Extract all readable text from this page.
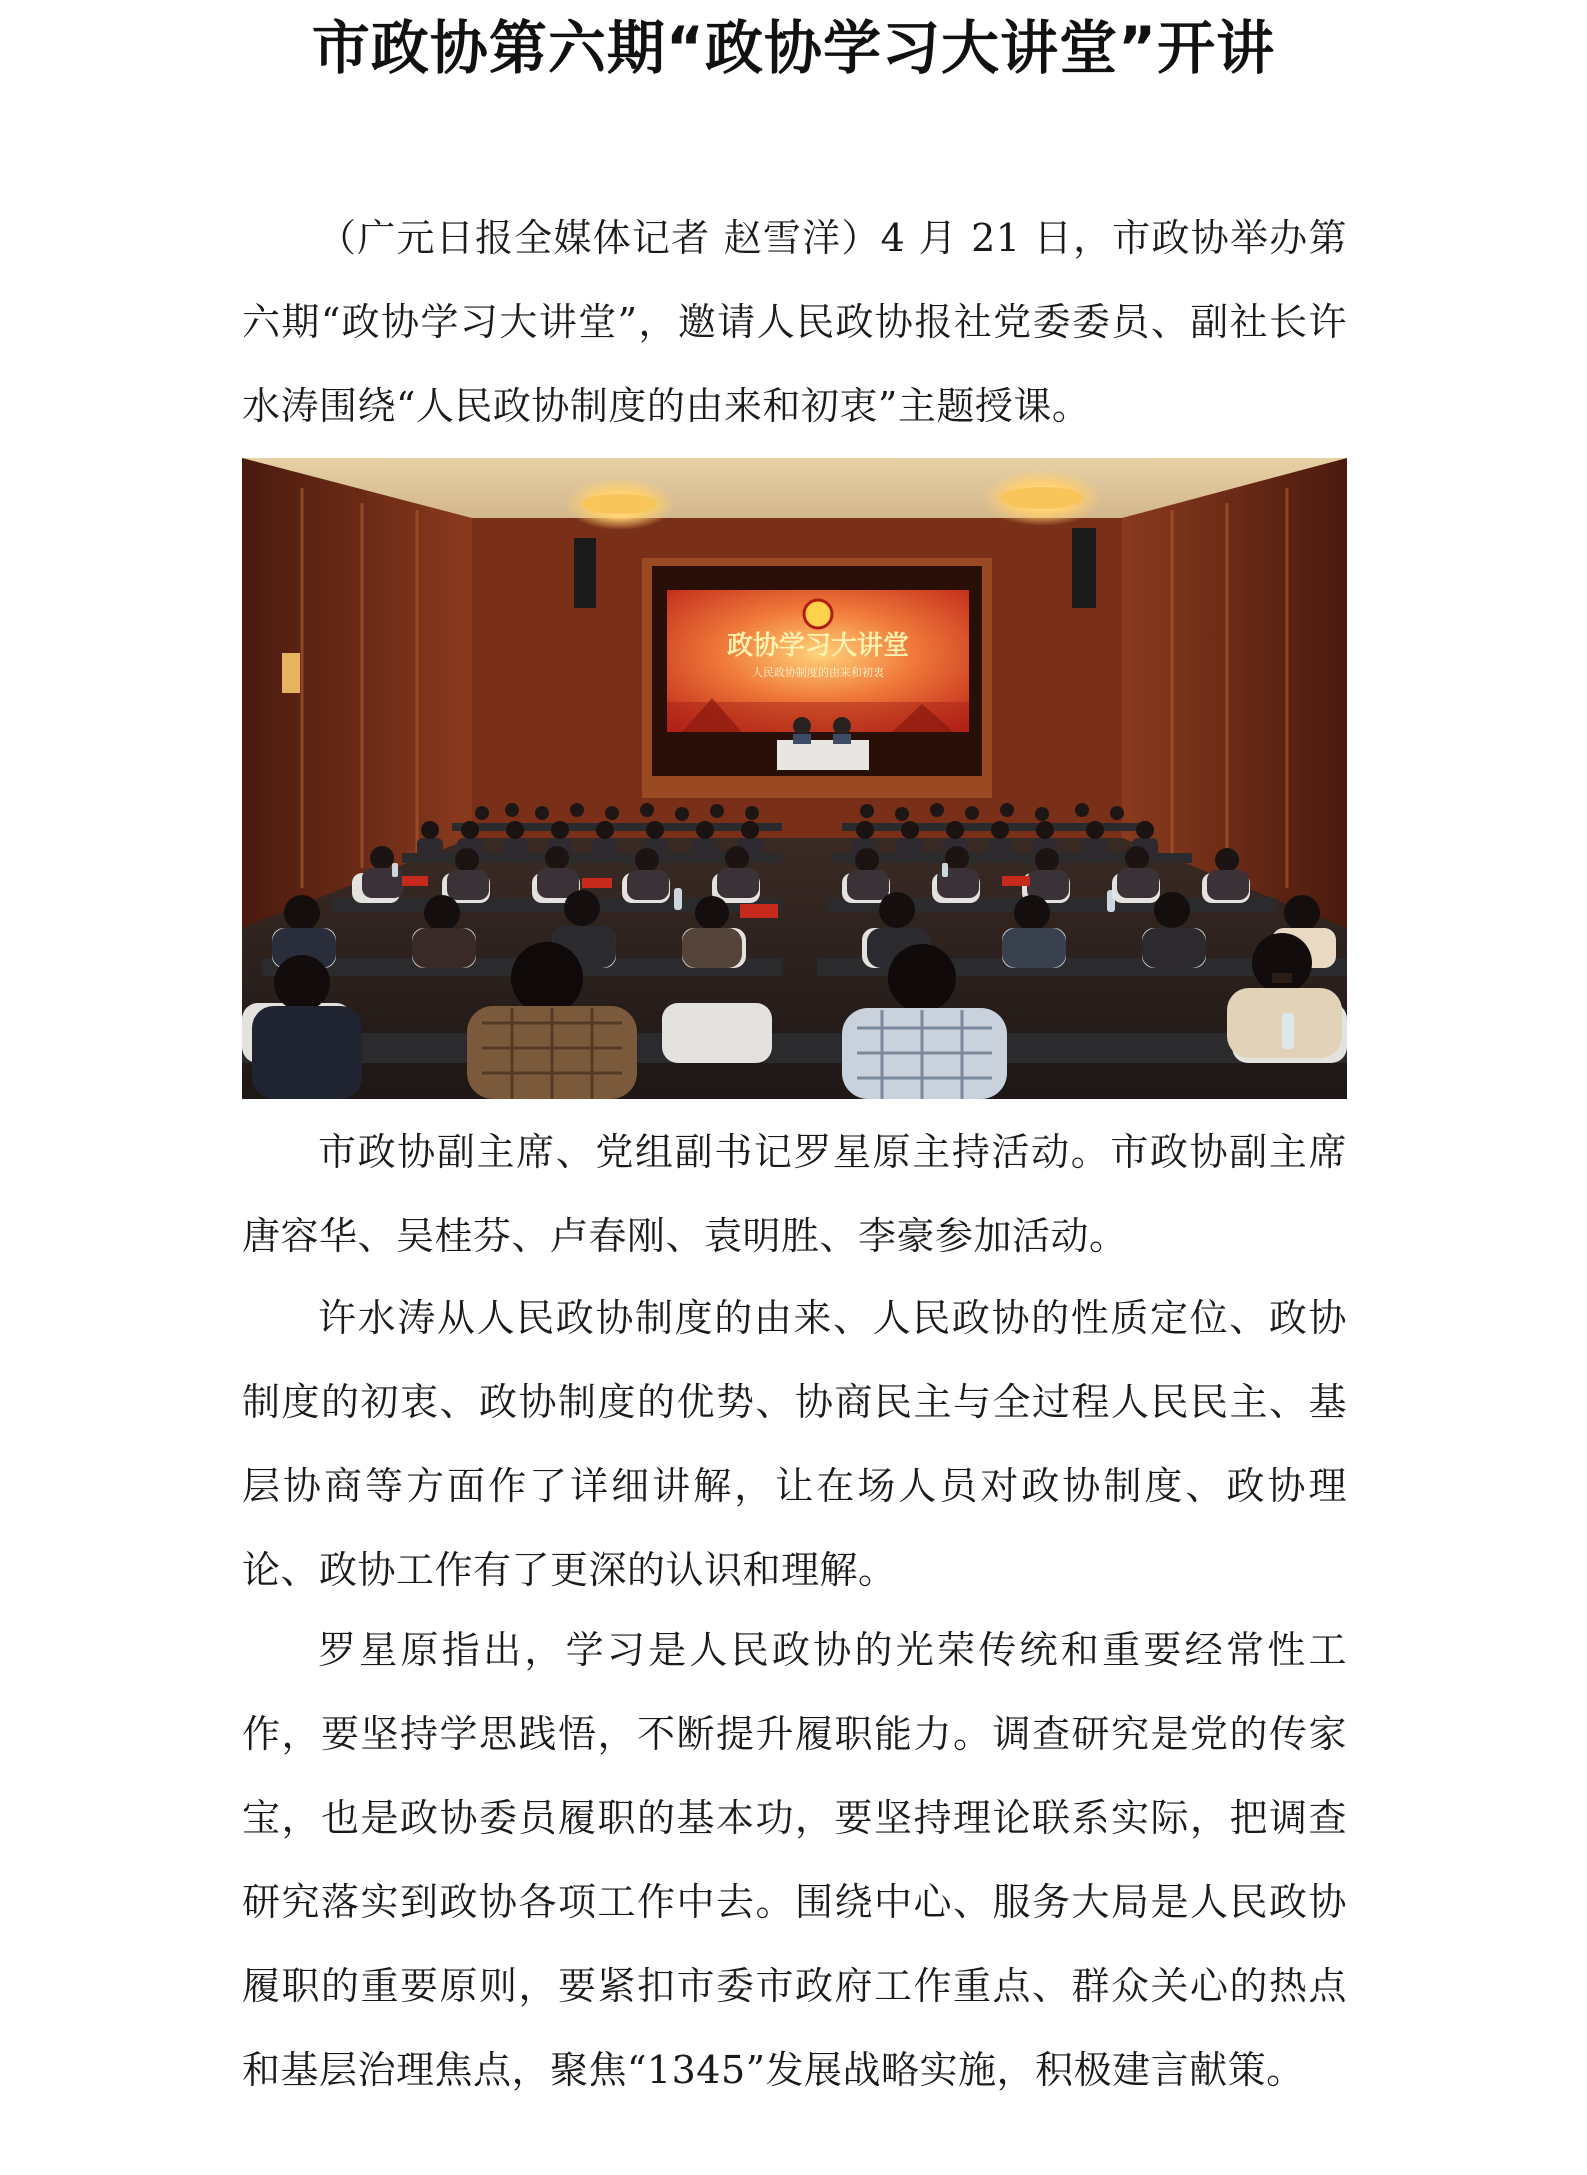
市政协第六期“政协学习大讲堂”开讲

（广元日报全媒体记者 赵雪洋）4 月 21 日，市政协举办第六期“政协学习大讲堂”，邀请人民政协报社党委委员、副社长许水涛围绕“人民政协制度的由来和初衷”主题授课。

政协学习大讲堂
人民政协制度的由来和初衷

市政协副主席、党组副书记罗星原主持活动。市政协副主席唐容华、吴桂芬、卢春刚、袁明胜、李豪参加活动。

许水涛从人民政协制度的由来、人民政协的性质定位、政协制度的初衷、政协制度的优势、协商民主与全过程人民民主、基层协商等方面作了详细讲解，让在场人员对政协制度、政协理论、政协工作有了更深的认识和理解。

罗星原指出，学习是人民政协的光荣传统和重要经常性工作，要坚持学思践悟，不断提升履职能力。调查研究是党的传家宝，也是政协委员履职的基本功，要坚持理论联系实际，把调查研究落实到政协各项工作中去。围绕中心、服务大局是人民政协履职的重要原则，要紧扣市委市政府工作重点、群众关心的热点和基层治理焦点，聚焦“1345”发展战略实施，积极建言献策。
